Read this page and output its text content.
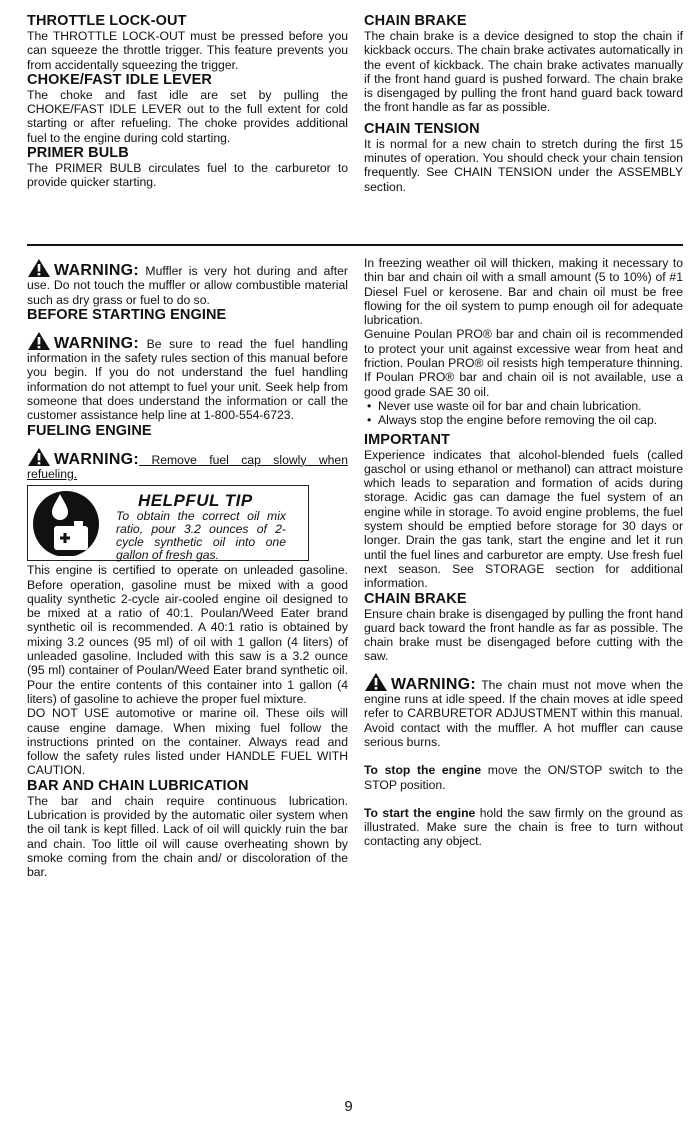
THROTTLE LOCK-OUT

The THROTTLE LOCK-OUT must be pressed before you can squeeze the throttle trigger. This feature prevents you from accidentally squeezing the trigger.

CHOKE/FAST IDLE LEVER

The choke and fast idle are set by pulling the CHOKE/FAST IDLE LEVER out to the full extent for cold starting or after refueling. The choke provides additional fuel to the engine during cold starting.

PRIMER BULB

The PRIMER BULB circulates fuel to the carburetor to provide quicker starting.

CHAIN BRAKE

The chain brake is a device designed to stop the chain if kickback occurs. The chain brake activates automatically in the event of kickback. The chain brake activates manually if the front hand guard is pushed forward. The chain brake is disengaged by pulling the front hand guard back toward the front handle as far as possible.

CHAIN TENSION

It is normal for a new chain to stretch during the first 15 minutes of operation. You should check your chain tension frequently. See CHAIN TENSION under the ASSEMBLY section.

WARNING: Muffler is very hot during and after use. Do not touch the muffler or allow combustible material such as dry grass or fuel to do so.

BEFORE STARTING ENGINE

WARNING: Be sure to read the fuel handling information in the safety rules section of this manual before you begin. If you do not understand the fuel handling information do not attempt to fuel your unit. Seek help from someone that does understand the information or call the customer assistance help line at 1-800-554-6723.

FUELING ENGINE

WARNING: Remove fuel cap slowly when refueling.

HELPFUL TIP
To obtain the correct oil mix ratio, pour 3.2 ounces of 2-cycle synthetic oil into one gallon of fresh gas.

This engine is certified to operate on unleaded gasoline. Before operation, gasoline must be mixed with a good quality synthetic 2-cycle air-cooled engine oil designed to be mixed at a ratio of 40:1. Poulan/Weed Eater brand synthetic oil is recommended. A 40:1 ratio is obtained by mixing 3.2 ounces (95 ml) of oil with 1 gallon (4 liters) of unleaded gasoline. Included with this saw is a 3.2 ounce (95 ml) container of Poulan/Weed Eater brand synthetic oil. Pour the entire contents of this container into 1 gallon (4 liters) of gasoline to achieve the proper fuel mixture.

DO NOT USE automotive or marine oil. These oils will cause engine damage. When mixing fuel follow the instructions printed on the container. Always read and follow the safety rules listed under HANDLE FUEL WITH CAUTION.

BAR AND CHAIN LUBRICATION

The bar and chain require continuous lubrication. Lubrication is provided by the automatic oiler system when the oil tank is kept filled. Lack of oil will quickly ruin the bar and chain. Too little oil will cause overheating shown by smoke coming from the chain and/ or discoloration of the bar.

In freezing weather oil will thicken, making it necessary to thin bar and chain oil with a small amount (5 to 10%) of #1 Diesel Fuel or kerosene. Bar and chain oil must be free flowing for the oil system to pump enough oil for adequate lubrication.

Genuine Poulan PRO® bar and chain oil is recommended to protect your unit against excessive wear from heat and friction. Poulan PRO® oil resists high temperature thinning. If Poulan PRO® bar and chain oil is not available, use a good grade SAE 30 oil.

• Never use waste oil for bar and chain lubrication.
• Always stop the engine before removing the oil cap.
IMPORTANT

Experience indicates that alcohol-blended fuels (called gaschol or using ethanol or methanol) can attract moisture which leads to separation and formation of acids during storage. Acidic gas can damage the fuel system of an engine while in storage. To avoid engine problems, the fuel system should be emptied before storage for 30 days or longer. Drain the gas tank, start the engine and let it run until the fuel lines and carburetor are empty. Use fresh fuel next season. See STORAGE section for additional information.

CHAIN BRAKE

Ensure chain brake is disengaged by pulling the front hand guard back toward the front handle as far as possible. The chain brake must be disengaged before cutting with the saw.

WARNING: The chain must not move when the engine runs at idle speed. If the chain moves at idle speed refer to CARBURETOR ADJUSTMENT within this manual. Avoid contact with the muffler. A hot muffler can cause serious burns.

To stop the engine move the ON/STOP switch to the STOP position.

To start the engine hold the saw firmly on the ground as illustrated. Make sure the chain is free to turn without contacting any object.

9
